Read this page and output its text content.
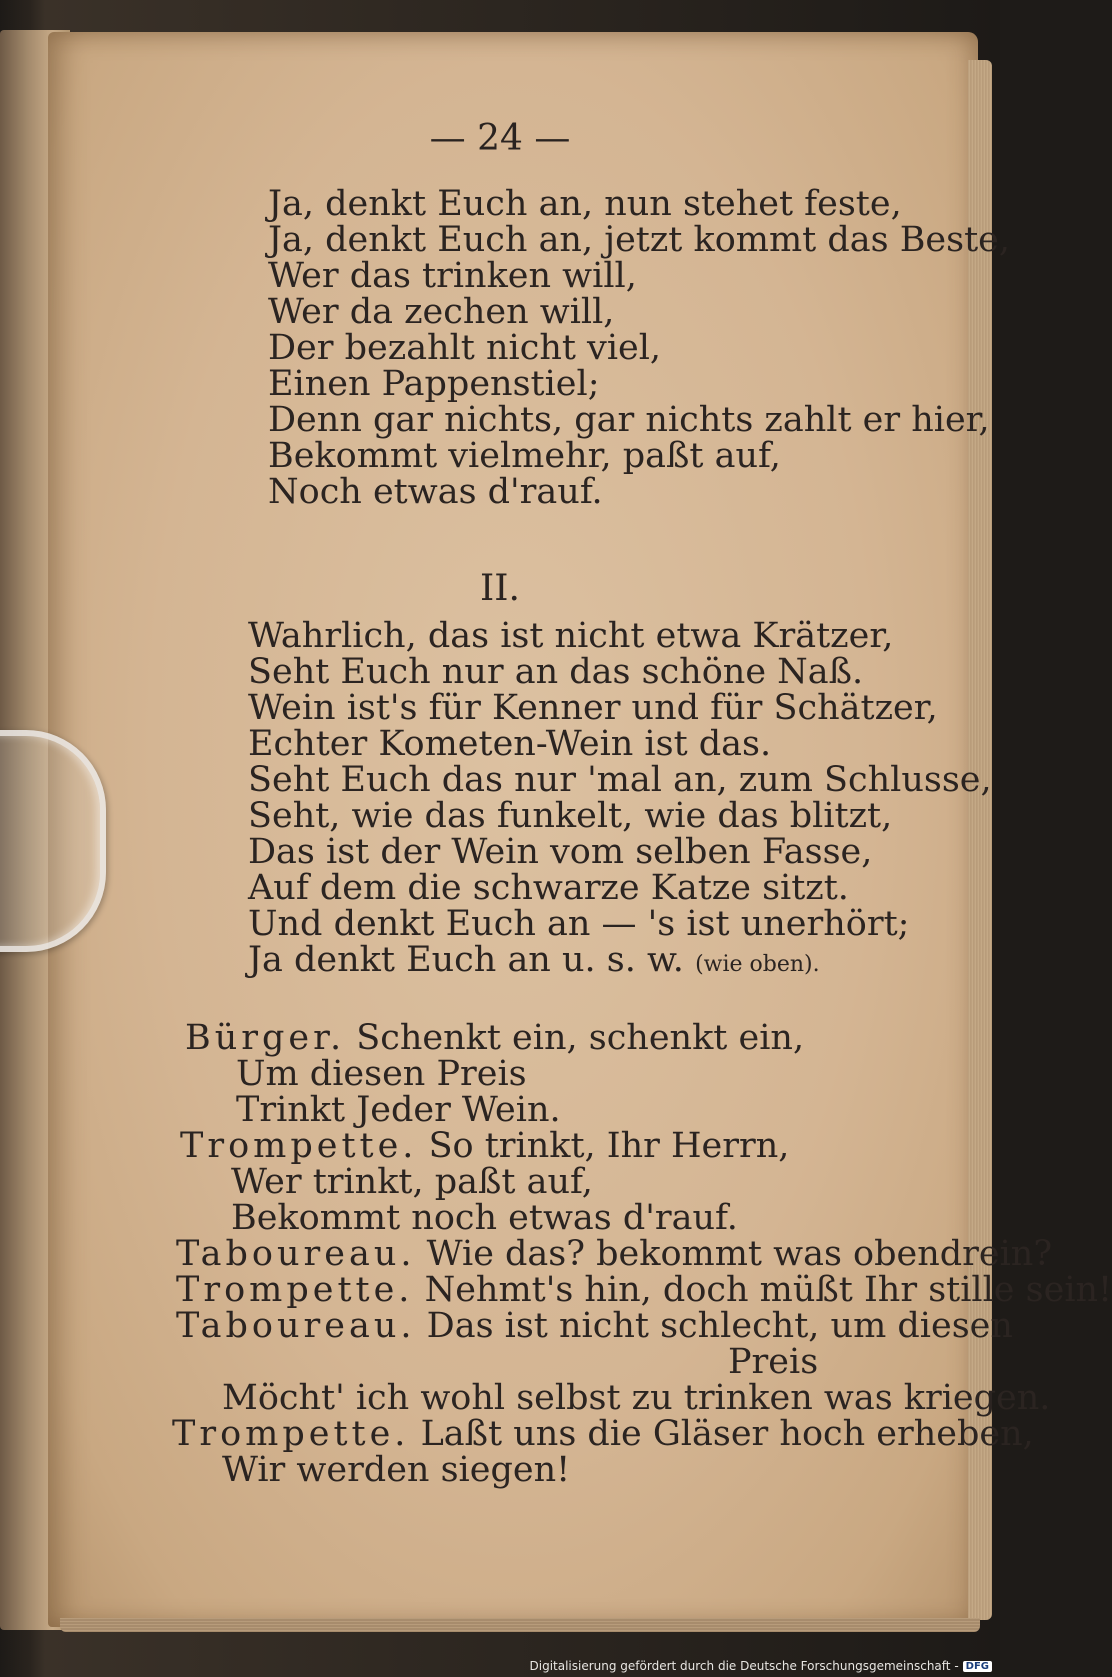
— 24 —
Ja, denkt Euch an, nun stehet feste,
Ja, denkt Euch an, jetzt kommt das Beste,
Wer das trinken will,
Wer da zechen will,
Der bezahlt nicht viel,
Einen Pappenstiel;
Denn gar nichts, gar nichts zahlt er hier,
Bekommt vielmehr, paßt auf,
Noch etwas d'rauf.
II.
Wahrlich, das ist nicht etwa Krätzer,
Seht Euch nur an das schöne Naß.
Wein ist's für Kenner und für Schätzer,
Echter Kometen-Wein ist das.
Seht Euch das nur 'mal an, zum Schlusse,
Seht, wie das funkelt, wie das blitzt,
Das ist der Wein vom selben Fasse,
Auf dem die schwarze Katze sitzt.
Und denkt Euch an — 's ist unerhört;
Ja denkt Euch an u. s. w. (wie oben).
Bürger. Schenkt ein, schenkt ein,
Um diesen Preis
Trinkt Jeder Wein.
Trompette. So trinkt, Ihr Herrn,
Wer trinkt, paßt auf,
Bekommt noch etwas d'rauf.
Taboureau. Wie das? bekommt was obendrein?
Trompette. Nehmt's hin, doch müßt Ihr stille sein!
Taboureau. Das ist nicht schlecht, um diesen
Preis
Möcht' ich wohl selbst zu trinken was kriegen.
Trompette. Laßt uns die Gläser hoch erheben,
Wir werden siegen!
Digitalisierung gefördert durch die Deutsche Forschungsgemeinschaft - DFG
